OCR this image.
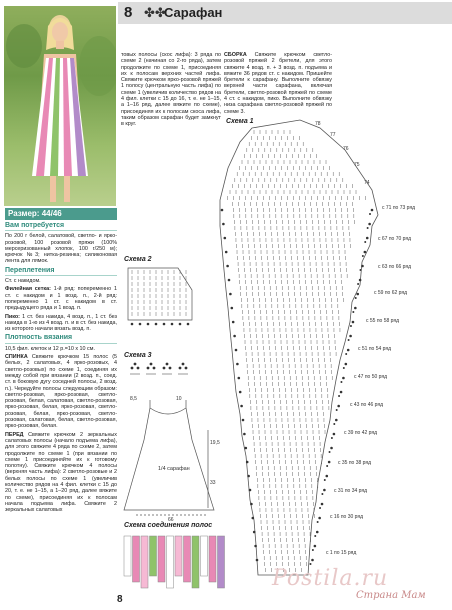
8 ✤✤
Сарафан
Размер: 44/46
Вам потребуется

По 200 г белой, салатовой, светло- и ярко-розовой, 100 розовой пряжи (100% мерсеризованный хлопок, 100 г/250 м); крючок №3; нитка-резинка; силиконовая лента для лямок.

Переплетения

Ст. с накидом.

Филейная сетка: 1-й ряд: попеременно 1 ст. с накидом и 1 возд. п., 2-й ряд: попеременно 1 ст. с накидом в ст. предыдущего ряда и 1 возд. п.

Пико: 1 ст. без накида, 4 возд. п., 1 ст. без накида в 1-ю из 4 возд. п. и в ст. без накида, из которого начали вязать возд. п.

Плотность вязания

10,5 фил. клеток и 12 р.=10 х 10 см.

СПИНКА Свяжите крючком 15 полос (5 белых, 2 салатовых, 4 ярко-розовых, 4 светло-розовых) по схеме 1, соединяя их между собой при вязании (2 возд. п., соед. ст. в боковую дугу соседней полосы, 2 возд. п.). Чередуйте полосы следующим образом: светло-розовая, ярко-розовая, светло-розовая, белая, салатовая, светло-розовая, ярко-розовая, белая, ярко-розовая, светло-розовая, белая, ярко-розовая, светло-розовая, салатовая, белая, светло-розовая, ярко-розовая, белая.

ПЕРЕД Свяжите крючком 2 зеркальных салатовых полосы (начало подъема лифа), для этого свяжите 4 ряда по схеме 2, затем продолжите по схеме 1 (при вязании по схеме 1 присоединяйте их к готовому полотну). Свяжите крючком 4 полосы (верхняя часть лифа): 2 светло-розовые и 2 белых полосы по схеме 1 (увеличив количество рядов на 4 фил. клетки с 15 до 20, т. е. не 1–15, а 1–20 ряд, далее вяжите по схеме), присоединяя их к полосам начала подъема лифа. Свяжите 2 зеркальных салатовых

товых полосы (скос лифа): 3 ряда по схеме 2 (начиная со 2-го ряда), затем продолжите по схеме 1, присоединяя их к полосам верхних частей лифа. Свяжите крючком ярко-розовой пряжей 1 полосу (центральную часть лифа) по схеме 1 (увеличив количество рядов на 4 фил. клетки с 15 до 16, т. е. не 1–15, а 1–16 ряд, далее вяжите по схеме), присоединяя их к полосам скоса лифа, таким образом сарафан будет замкнут в круг.
СБОРКА Свяжите крючком светло-розовой пряжей 2 бретели, для этого свяжите 4 возд. п. + 3 возд. п. подъема и вяжите 36 рядов ст. с накидом. Пришейте бретели к сарафану. Выполните обвязку верхней части сарафана, включая бретели, светло-розовой пряжей по схеме 4 ст. с накидом, пико. Выполните обвязку низа сарафана светло-розовой пряжей по схеме 3.
Схема 1
Схема 2
Схема 3
Схема соединения полос
78
77
76
75
74
с 71 по 73 ряд
с 67 по 70 ряд
с 63 по 66 ряд
с 59 по 62 ряд
с 55 по 58 ряд
с 51 по 54 ряд
с 47 по 50 ряд
с 43 по 46 ряд
с 39 по 42 ряд
с 35 по 38 ряд
с 31 по 34 ряд
с 16 по 30 ряд
с 1 по 15 ряд
8,5	10
19,5
33
66
1/4 сарафан
8
Postila.ru
Страна Мам
